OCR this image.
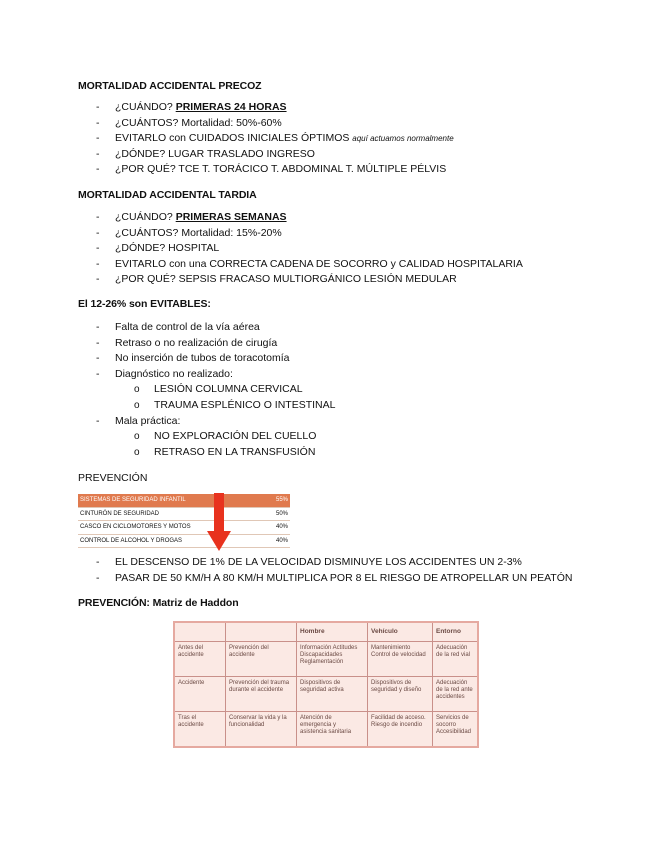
MORTALIDAD ACCIDENTAL PRECOZ
- ¿CUÁNDO? PRIMERAS 24 HORAS
- ¿CUÁNTOS? Mortalidad: 50%-60%
- EVITARLO con CUIDADOS INICIALES ÓPTIMOS aquí actuamos normalmente
- ¿DÓNDE? LUGAR TRASLADO INGRESO
- ¿POR QUÉ? TCE T. TORÁCICO T. ABDOMINAL T. MÚLTIPLE PÉLVIS
MORTALIDAD ACCIDENTAL TARDIA
- ¿CUÁNDO? PRIMERAS SEMANAS
- ¿CUÁNTOS? Mortalidad: 15%-20%
- ¿DÓNDE? HOSPITAL
- EVITARLO con una CORRECTA CADENA DE SOCORRO y CALIDAD HOSPITALARIA
- ¿POR QUÉ? SEPSIS FRACASO MULTIORGÁNICO LESIÓN MEDULAR
El 12-26% son EVITABLES:
- Falta de control de la vía aérea
- Retraso o no realización de cirugía
- No inserción de tubos de toracotomía
- Diagnóstico no realizado:
o LESIÓN COLUMNA CERVICAL
o TRAUMA ESPLÉNICO O INTESTINAL
- Mala práctica:
o NO EXPLORACIÓN DEL CUELLO
o RETRASO EN LA TRANSFUSIÓN
PREVENCIÓN
SISTEMAS DE SEGURIDAD INFANTIL	55%
CINTURÓN DE SEGURIDAD	50%
CASCO EN CICLOMOTORES Y MOTOS	40%
CONTROL DE ALCOHOL Y DROGAS	40%
- EL DESCENSO DE 1% DE LA VELOCIDAD DISMINUYE LOS ACCIDENTES UN 2-3%
- PASAR DE 50 KM/H A 80 KM/H MULTIPLICA POR 8 EL RIESGO DE ATROPELLAR UN PEATÓN
PREVENCIÓN: Matriz de Haddon
		Hombre	Vehículo	Entorno
Antes del accidente	Prevención del accidente	Información Actitudes Discapacidades Reglamentación	Mantenimiento Control de velocidad	Adecuación de la red vial
Accidente	Prevención del trauma durante el accidente	Dispositivos de seguridad activa	Dispositivos de seguridad y diseño	Adecuación de la red ante accidentes
Tras el accidente	Conservar la vida y la funcionalidad	Atención de emergencia y asistencia sanitaria	Facilidad de acceso. Riesgo de incendio	Servicios de socorro Accesibilidad
